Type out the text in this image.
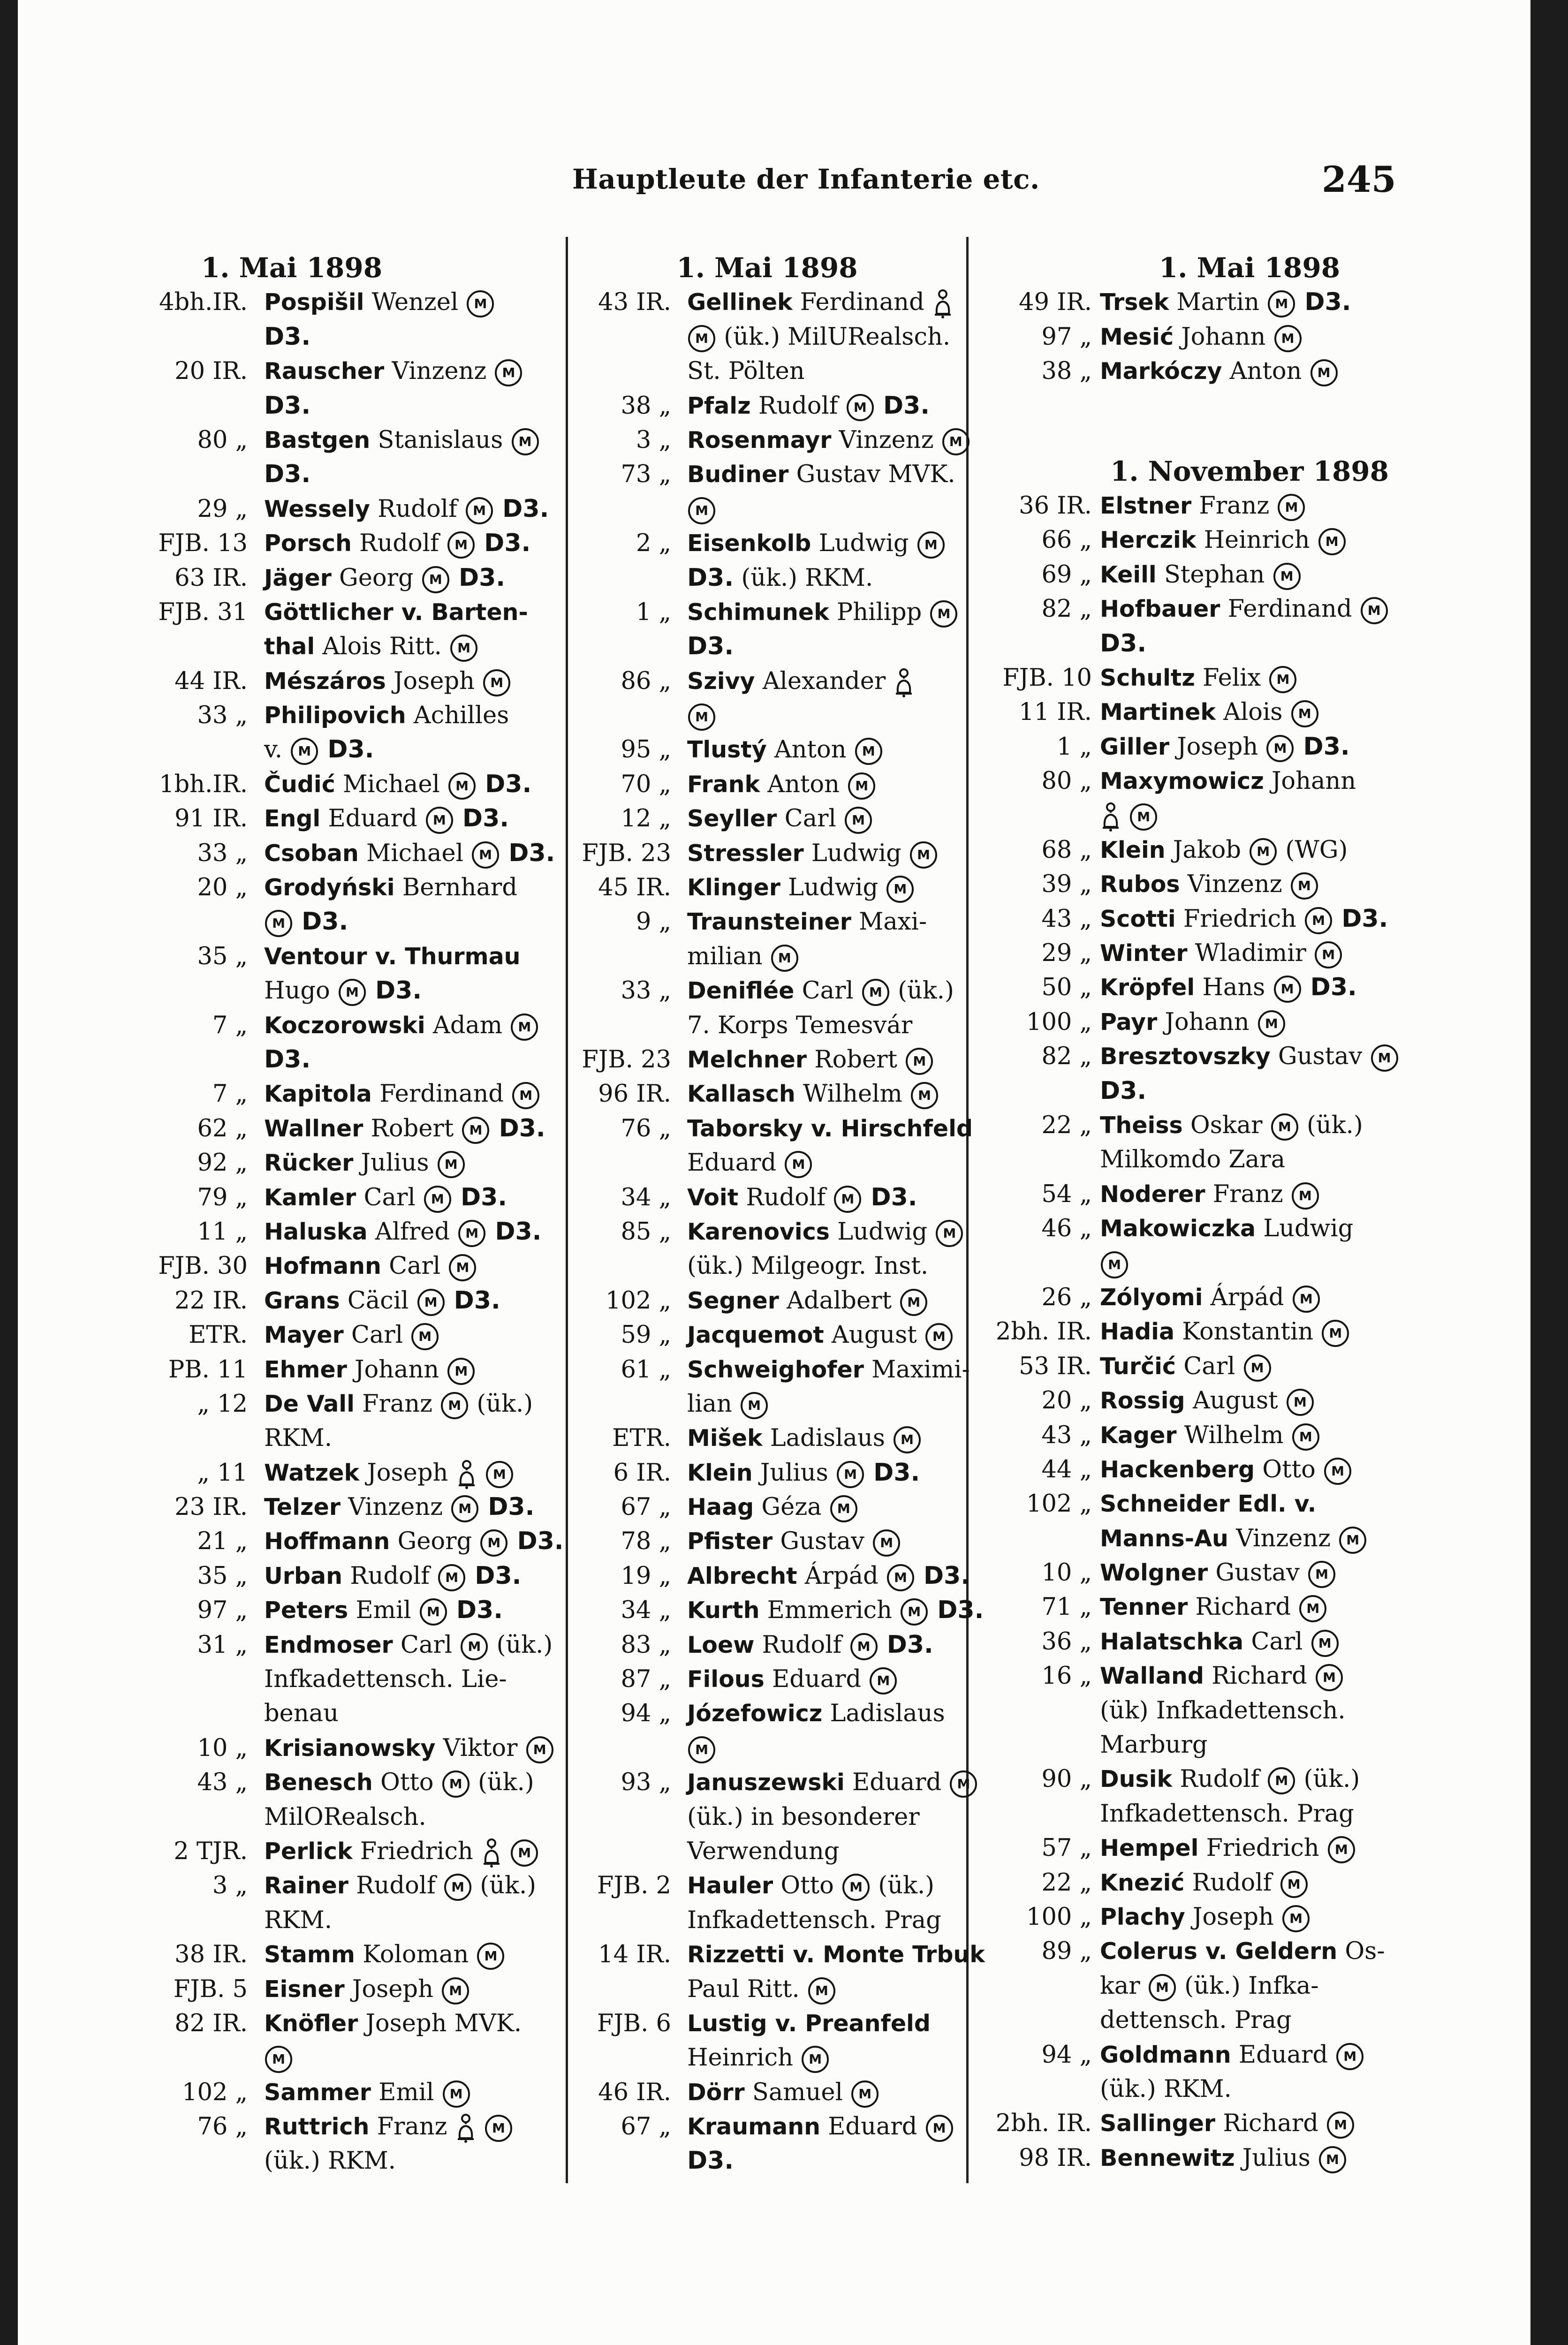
Hauptleute der Infanterie etc.	245
1. Mai 1898
4bh.IR. Pospišil Wenzel M
D3.
20 IR. Rauscher Vinzenz M
D3.
80 „ Bastgen Stanislaus M
D3.
29 „ Wessely Rudolf M D3.
FJB. 13 Porsch Rudolf M D3.
63 IR. Jäger Georg M D3.
FJB. 31 Göttlicher v. Barten-
thal Alois Ritt. M
44 IR. Mészáros Joseph M
33 „ Philipovich Achilles
v. M D3.
1bh.IR. Čudić Michael M D3.
91 IR. Engl Eduard M D3.
33 „ Csoban Michael M D3.
20 „ Grodyński Bernhard
M D3.
35 „ Ventour v. Thurmau
Hugo M D3.
7 „ Koczorowski Adam M
D3.
7 „ Kapitola Ferdinand M
62 „ Wallner Robert M D3.
92 „ Rücker Julius M
79 „ Kamler Carl M D3.
11 „ Haluska Alfred M D3.
FJB. 30 Hofmann Carl M
22 IR. Grans Cäcil M D3.
ETR. Mayer Carl M
PB. 11 Ehmer Johann M
„ 12 De Vall Franz M (ük.)
RKM.
„ 11 Watzek Joseph	M
23 IR. Telzer Vinzenz M D3.
21 „ Hoffmann Georg M D3.
35 „ Urban Rudolf M D3.
97 „ Peters Emil M D3.
31 „ Endmoser Carl M (ük.)
Infkadettensch. Lie-
benau
10 „ Krisianowsky Viktor M
43 „ Benesch Otto M (ük.)
MilORealsch.
2 TJR. Perlick Friedrich	M
3 „ Rainer Rudolf M (ük.)
RKM.
38 IR. Stamm Koloman M
FJB. 5 Eisner Joseph M
82 IR. Knöfler Joseph MVK.
M
102 „ Sammer Emil M
76 „ Ruttrich Franz	M
(ük.) RKM.
1. Mai 1898
43 IR. Gellinek Ferdinand
M (ük.) MilURealsch.
St. Pölten
38 „ Pfalz Rudolf M D3.
3 „ Rosenmayr Vinzenz M
73 „ Budiner Gustav MVK.
M
2 „ Eisenkolb Ludwig M
D3. (ük.) RKM.
1 „ Schimunek Philipp M
D3.
86 „ Szivy Alexander
M
95 „ Tlustý Anton M
70 „ Frank Anton M
12 „ Seyller Carl M
FJB. 23 Stressler Ludwig M
45 IR. Klinger Ludwig M
9 „ Traunsteiner Maxi-
milian M
33 „ Deniflée Carl M (ük.)
7. Korps Temesvár
FJB. 23 Melchner Robert M
96 IR. Kallasch Wilhelm M
76 „ Taborsky v. Hirschfeld
Eduard M
34 „ Voit Rudolf M D3.
85 „ Karenovics Ludwig M
(ük.) Milgeogr. Inst.
102 „ Segner Adalbert M
59 „ Jacquemot August M
61 „ Schweighofer Maximi-
lian M
ETR. Mišek Ladislaus M
6 IR. Klein Julius M D3.
67 „ Haag Géza M
78 „ Pfister Gustav M
19 „ Albrecht Árpád M D3.
34 „ Kurth Emmerich M D3.
83 „ Loew Rudolf M D3.
87 „ Filous Eduard M
94 „ Józefowicz Ladislaus
M
93 „ Januszewski Eduard M
(ük.) in besonderer
Verwendung
FJB. 2 Hauler Otto M (ük.)
Infkadettensch. Prag
14 IR. Rizzetti v. Monte Trbuk
Paul Ritt. M
FJB. 6 Lustig v. Preanfeld
Heinrich M
46 IR. Dörr Samuel M
67 „ Kraumann Eduard M
D3.
1. Mai 1898
49 IR. Trsek Martin M D3.
97 „ Mesić Johann M
38 „ Markóczy Anton M
1. November 1898
36 IR. Elstner Franz M
66 „ Herczik Heinrich M
69 „ Keill Stephan M
82 „ Hofbauer Ferdinand M
D3.
FJB. 10 Schultz Felix M
11 IR. Martinek Alois M
1 „ Giller Joseph M D3.
80 „ Maxymowicz Johann
M
68 „ Klein Jakob M (WG)
39 „ Rubos Vinzenz M
43 „ Scotti Friedrich M D3.
29 „ Winter Wladimir M
50 „ Kröpfel Hans M D3.
100 „ Payr Johann M
82 „ Bresztovszky Gustav M
D3.
22 „ Theiss Oskar M (ük.)
Milkomdo Zara
54 „ Noderer Franz M
46 „ Makowiczka Ludwig
M
26 „ Zólyomi Árpád M
2bh. IR. Hadia Konstantin M
53 IR. Turčić Carl M
20 „ Rossig August M
43 „ Kager Wilhelm M
44 „ Hackenberg Otto M
102 „ Schneider Edl. v.
Manns-Au Vinzenz M
10 „ Wolgner Gustav M
71 „ Tenner Richard M
36 „ Halatschka Carl M
16 „ Walland Richard M
(ük) Infkadettensch.
Marburg
90 „ Dusik Rudolf M (ük.)
Infkadettensch. Prag
57 „ Hempel Friedrich M
22 „ Knezić Rudolf M
100 „ Plachy Joseph M
89 „ Colerus v. Geldern Os-
kar M (ük.) Infka-
dettensch. Prag
94 „ Goldmann Eduard M
(ük.) RKM.
2bh. IR. Sallinger Richard M
98 IR. Bennewitz Julius M
